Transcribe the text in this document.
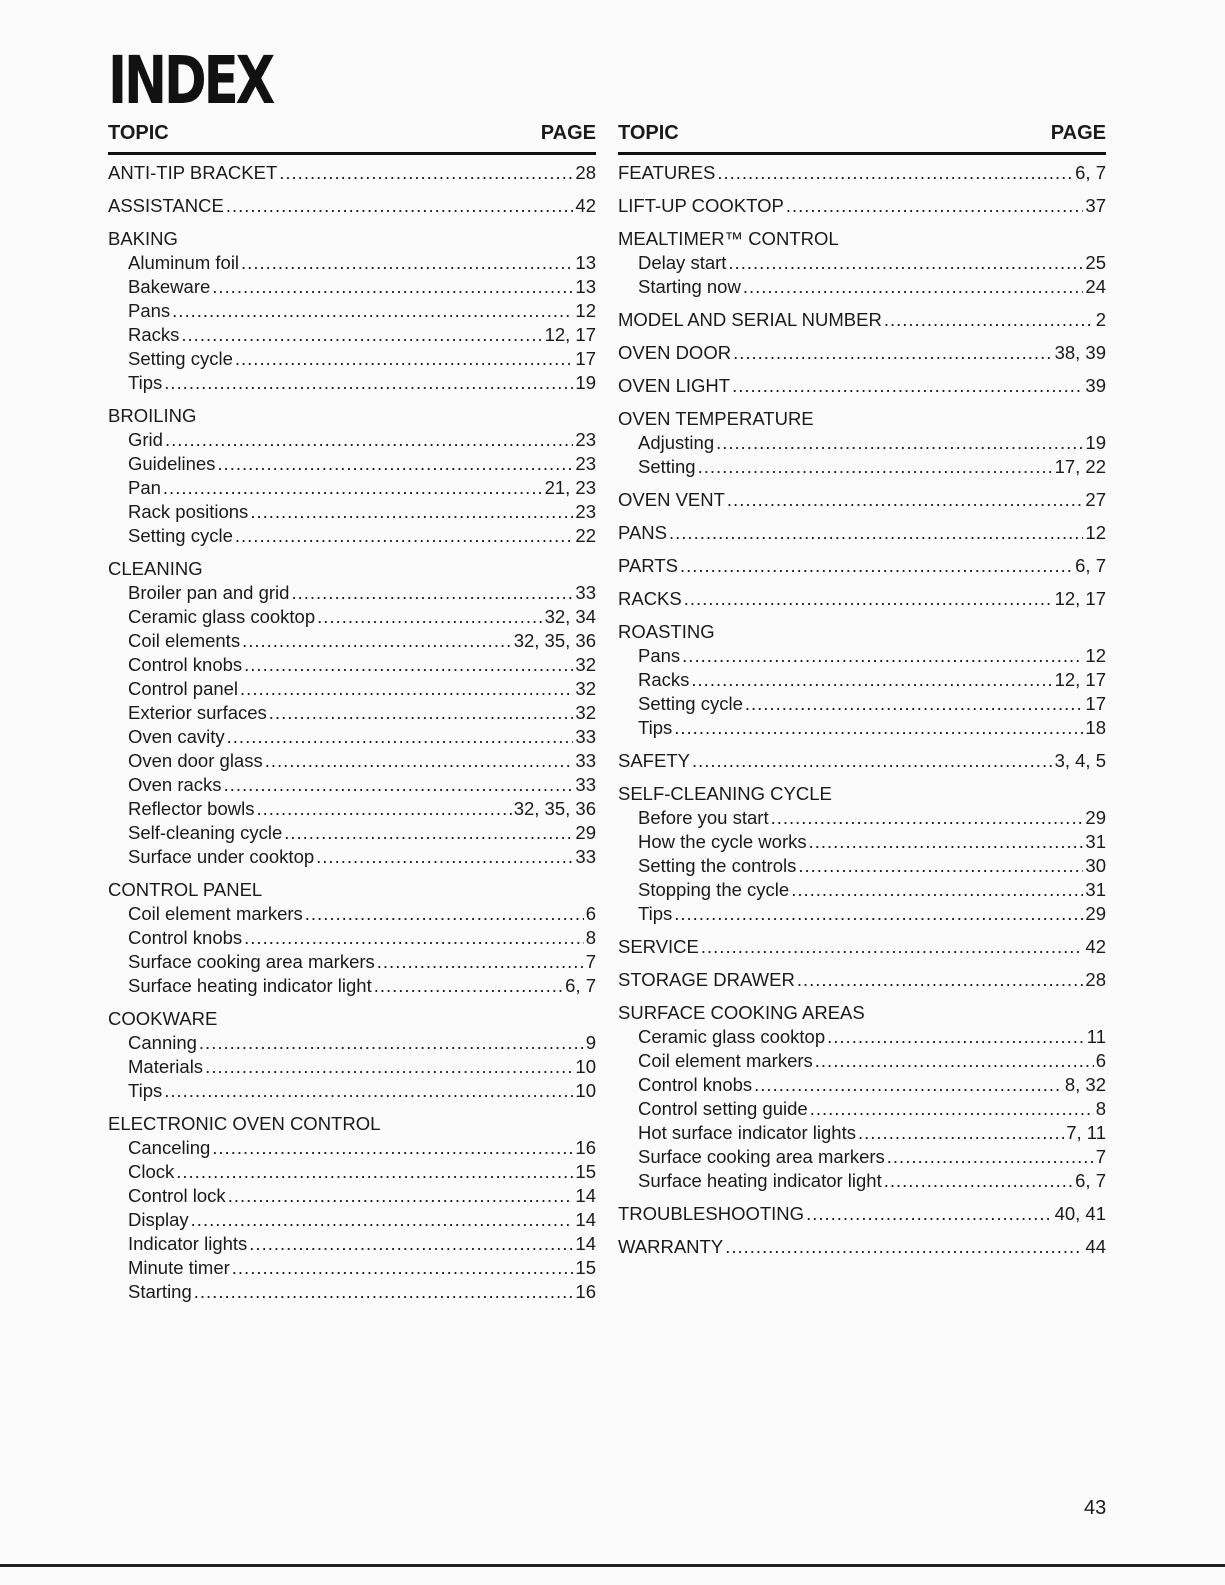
INDEX
TOPIC	PAGE
ANTI-TIP BRACKET .....	28
ASSISTANCE .....	42
BAKING
Aluminum foil .....	13
Bakeware .....	13
Pans .....	12
Racks .....	12, 17
Setting cycle .....	17
Tips .....	19
BROILING
Grid .....	23
Guidelines .....	23
Pan .....	21, 23
Rack positions .....	23
Setting cycle .....	22
CLEANING
Broiler pan and grid .....	33
Ceramic glass cooktop .....	32, 34
Coil elements .....	32, 35, 36
Control knobs .....	32
Control panel .....	32
Exterior surfaces .....	32
Oven cavity .....	33
Oven door glass .....	33
Oven racks .....	33
Reflector bowls .....	32, 35, 36
Self-cleaning cycle .....	29
Surface under cooktop .....	33
CONTROL PANEL
Coil element markers .....	6
Control knobs .....	8
Surface cooking area markers .....	7
Surface heating indicator light .....	6, 7
COOKWARE
Canning .....	9
Materials .....	10
Tips .....	10
ELECTRONIC OVEN CONTROL
Canceling .....	16
Clock .....	15
Control lock .....	14
Display .....	14
Indicator lights .....	14
Minute timer .....	15
Starting .....	16
TOPIC	PAGE
FEATURES .....	6, 7
LIFT-UP COOKTOP .....	37
MEALTIMER™ CONTROL
Delay start .....	25
Starting now .....	24
MODEL AND SERIAL NUMBER .....	2
OVEN DOOR .....	38, 39
OVEN LIGHT .....	39
OVEN TEMPERATURE
Adjusting .....	19
Setting .....	17, 22
OVEN VENT .....	27
PANS .....	12
PARTS .....	6, 7
RACKS .....	12, 17
ROASTING
Pans .....	12
Racks .....	12, 17
Setting cycle .....	17
Tips .....	18
SAFETY .....	3, 4, 5
SELF-CLEANING CYCLE
Before you start .....	29
How the cycle works .....	31
Setting the controls .....	30
Stopping the cycle .....	31
Tips .....	29
SERVICE .....	42
STORAGE DRAWER .....	28
SURFACE COOKING AREAS
Ceramic glass cooktop .....	11
Coil element markers .....	6
Control knobs .....	8, 32
Control setting guide .....	8
Hot surface indicator lights .....	7, 11
Surface cooking area markers .....	7
Surface heating indicator light .....	6, 7
TROUBLESHOOTING .....	40, 41
WARRANTY .....	44
43
